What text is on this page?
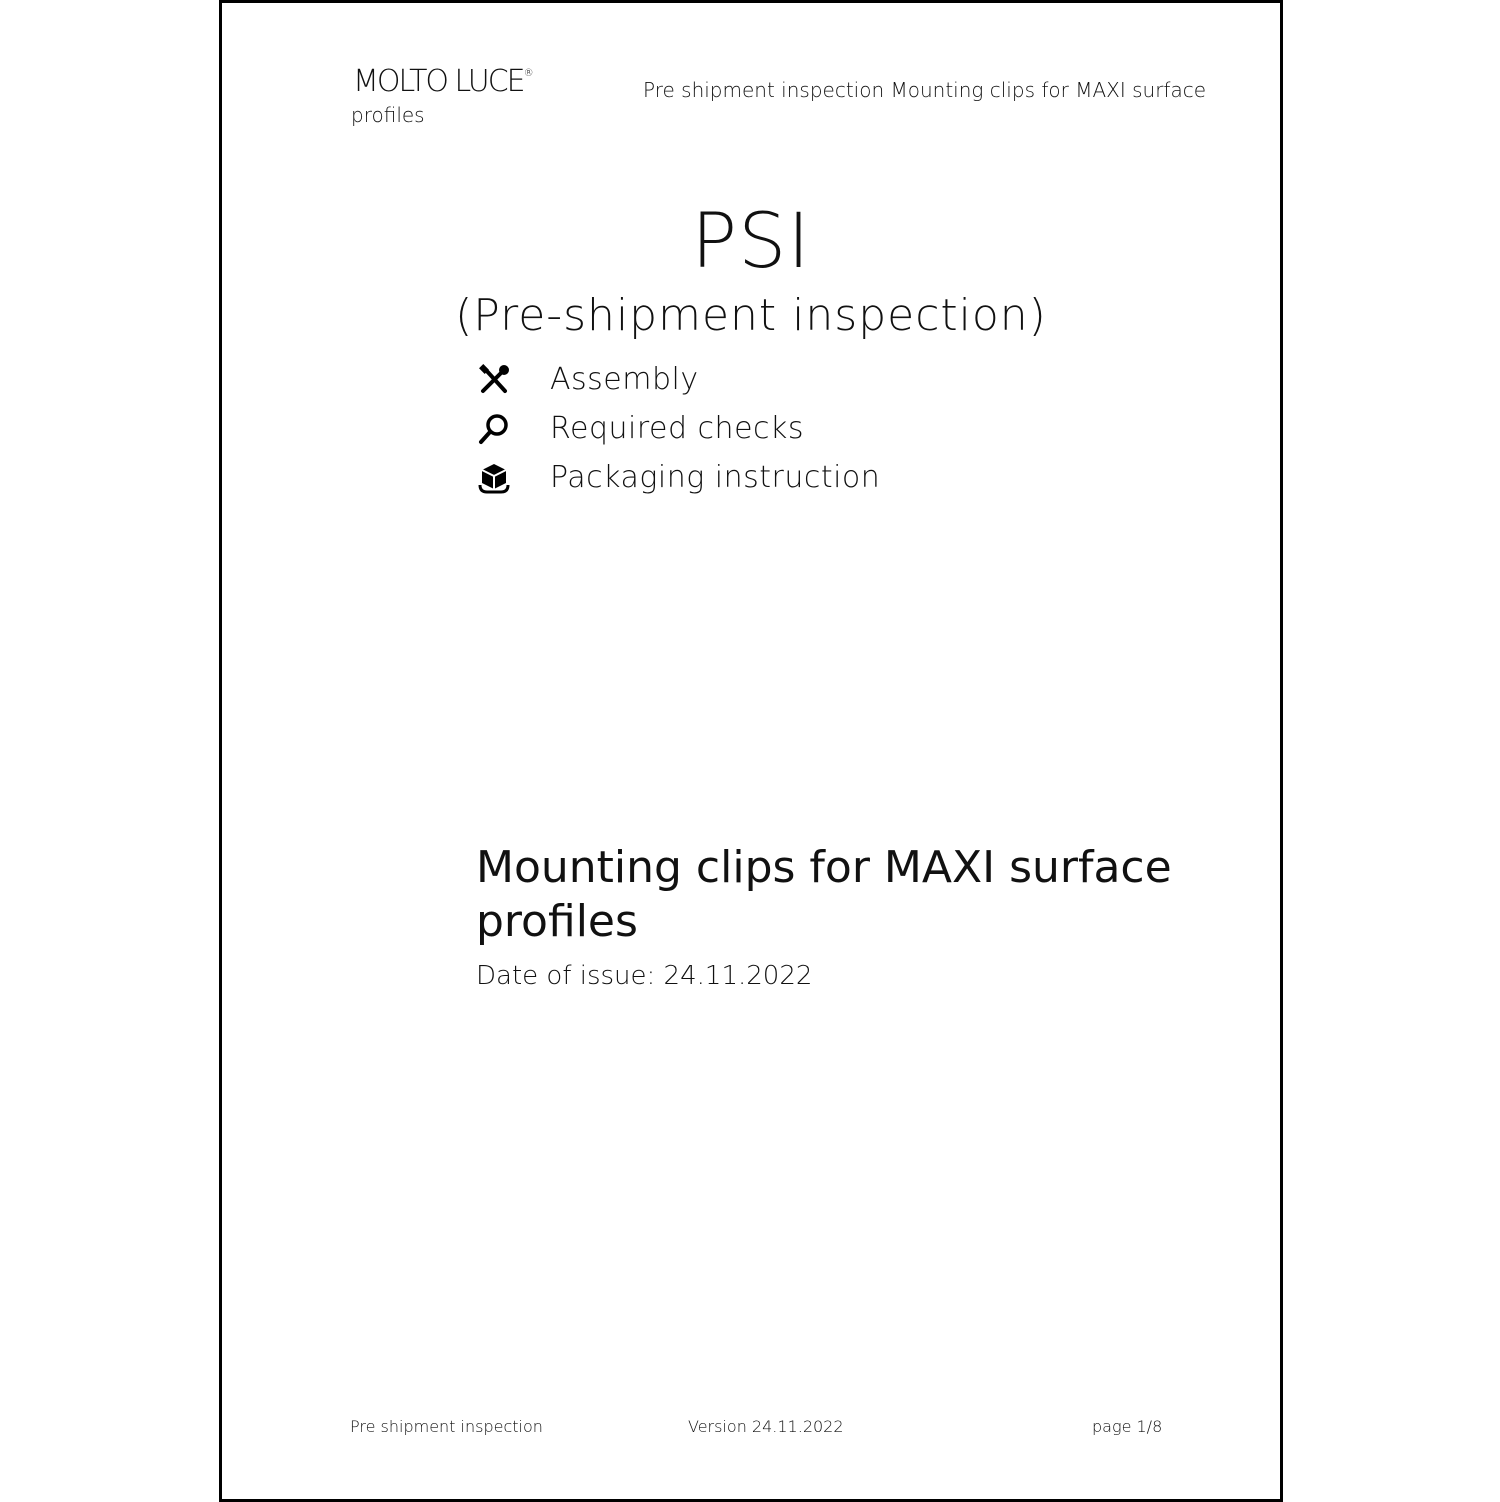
MOLTO LUCE®
profiles
Pre shipment inspection Mounting clips for MAXI surface
PSI
(Pre-shipment inspection)
Assembly
Required checks
Packaging instruction
Mounting clips for MAXI surface profiles
Date of issue: 24.11.2022
Pre shipment inspection	Version 24.11.2022	page 1/8
